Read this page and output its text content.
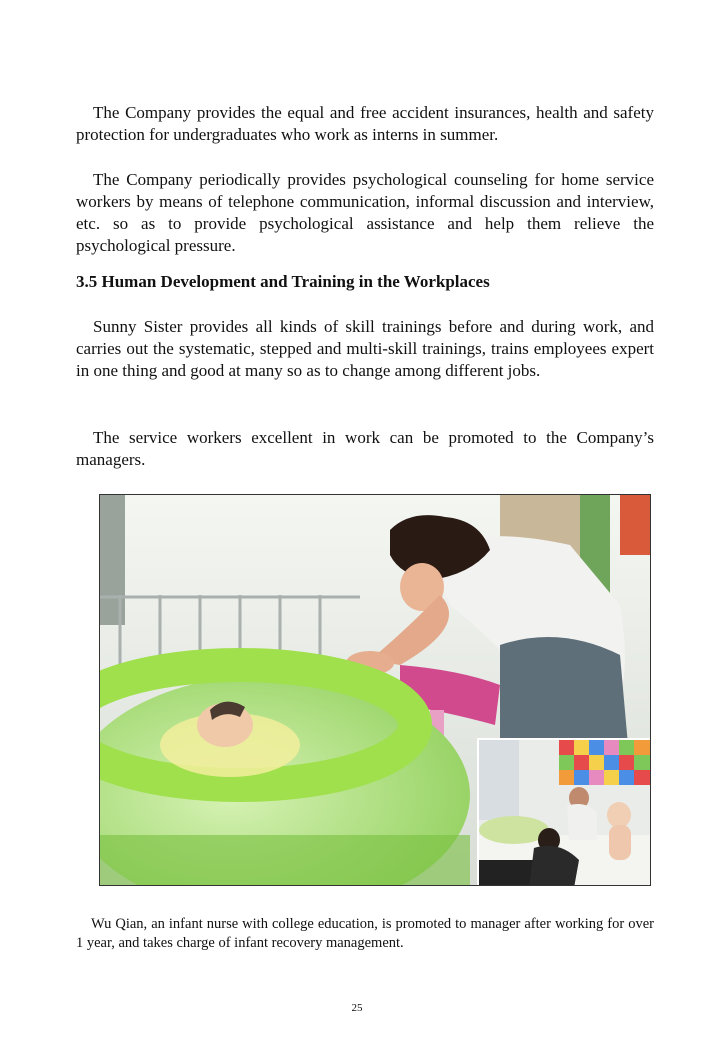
The Company provides the equal and free accident insurances, health and safety protection for undergraduates who work as interns in summer.

The Company periodically provides psychological counseling for home service workers by means of telephone communication, informal discussion and interview, etc. so as to provide psychological assistance and help them relieve the psychological pressure.

3.5 Human Development and Training in the Workplaces

Sunny Sister provides all kinds of skill trainings before and during work, and carries out the systematic, stepped and multi-skill trainings, trains employees expert in one thing and good at many so as to change among different jobs.

The service workers excellent in work can be promoted to the Company’s managers.

Wu Qian, an infant nurse with college education, is promoted to manager after working for over 1 year, and takes charge of infant recovery management.

25
